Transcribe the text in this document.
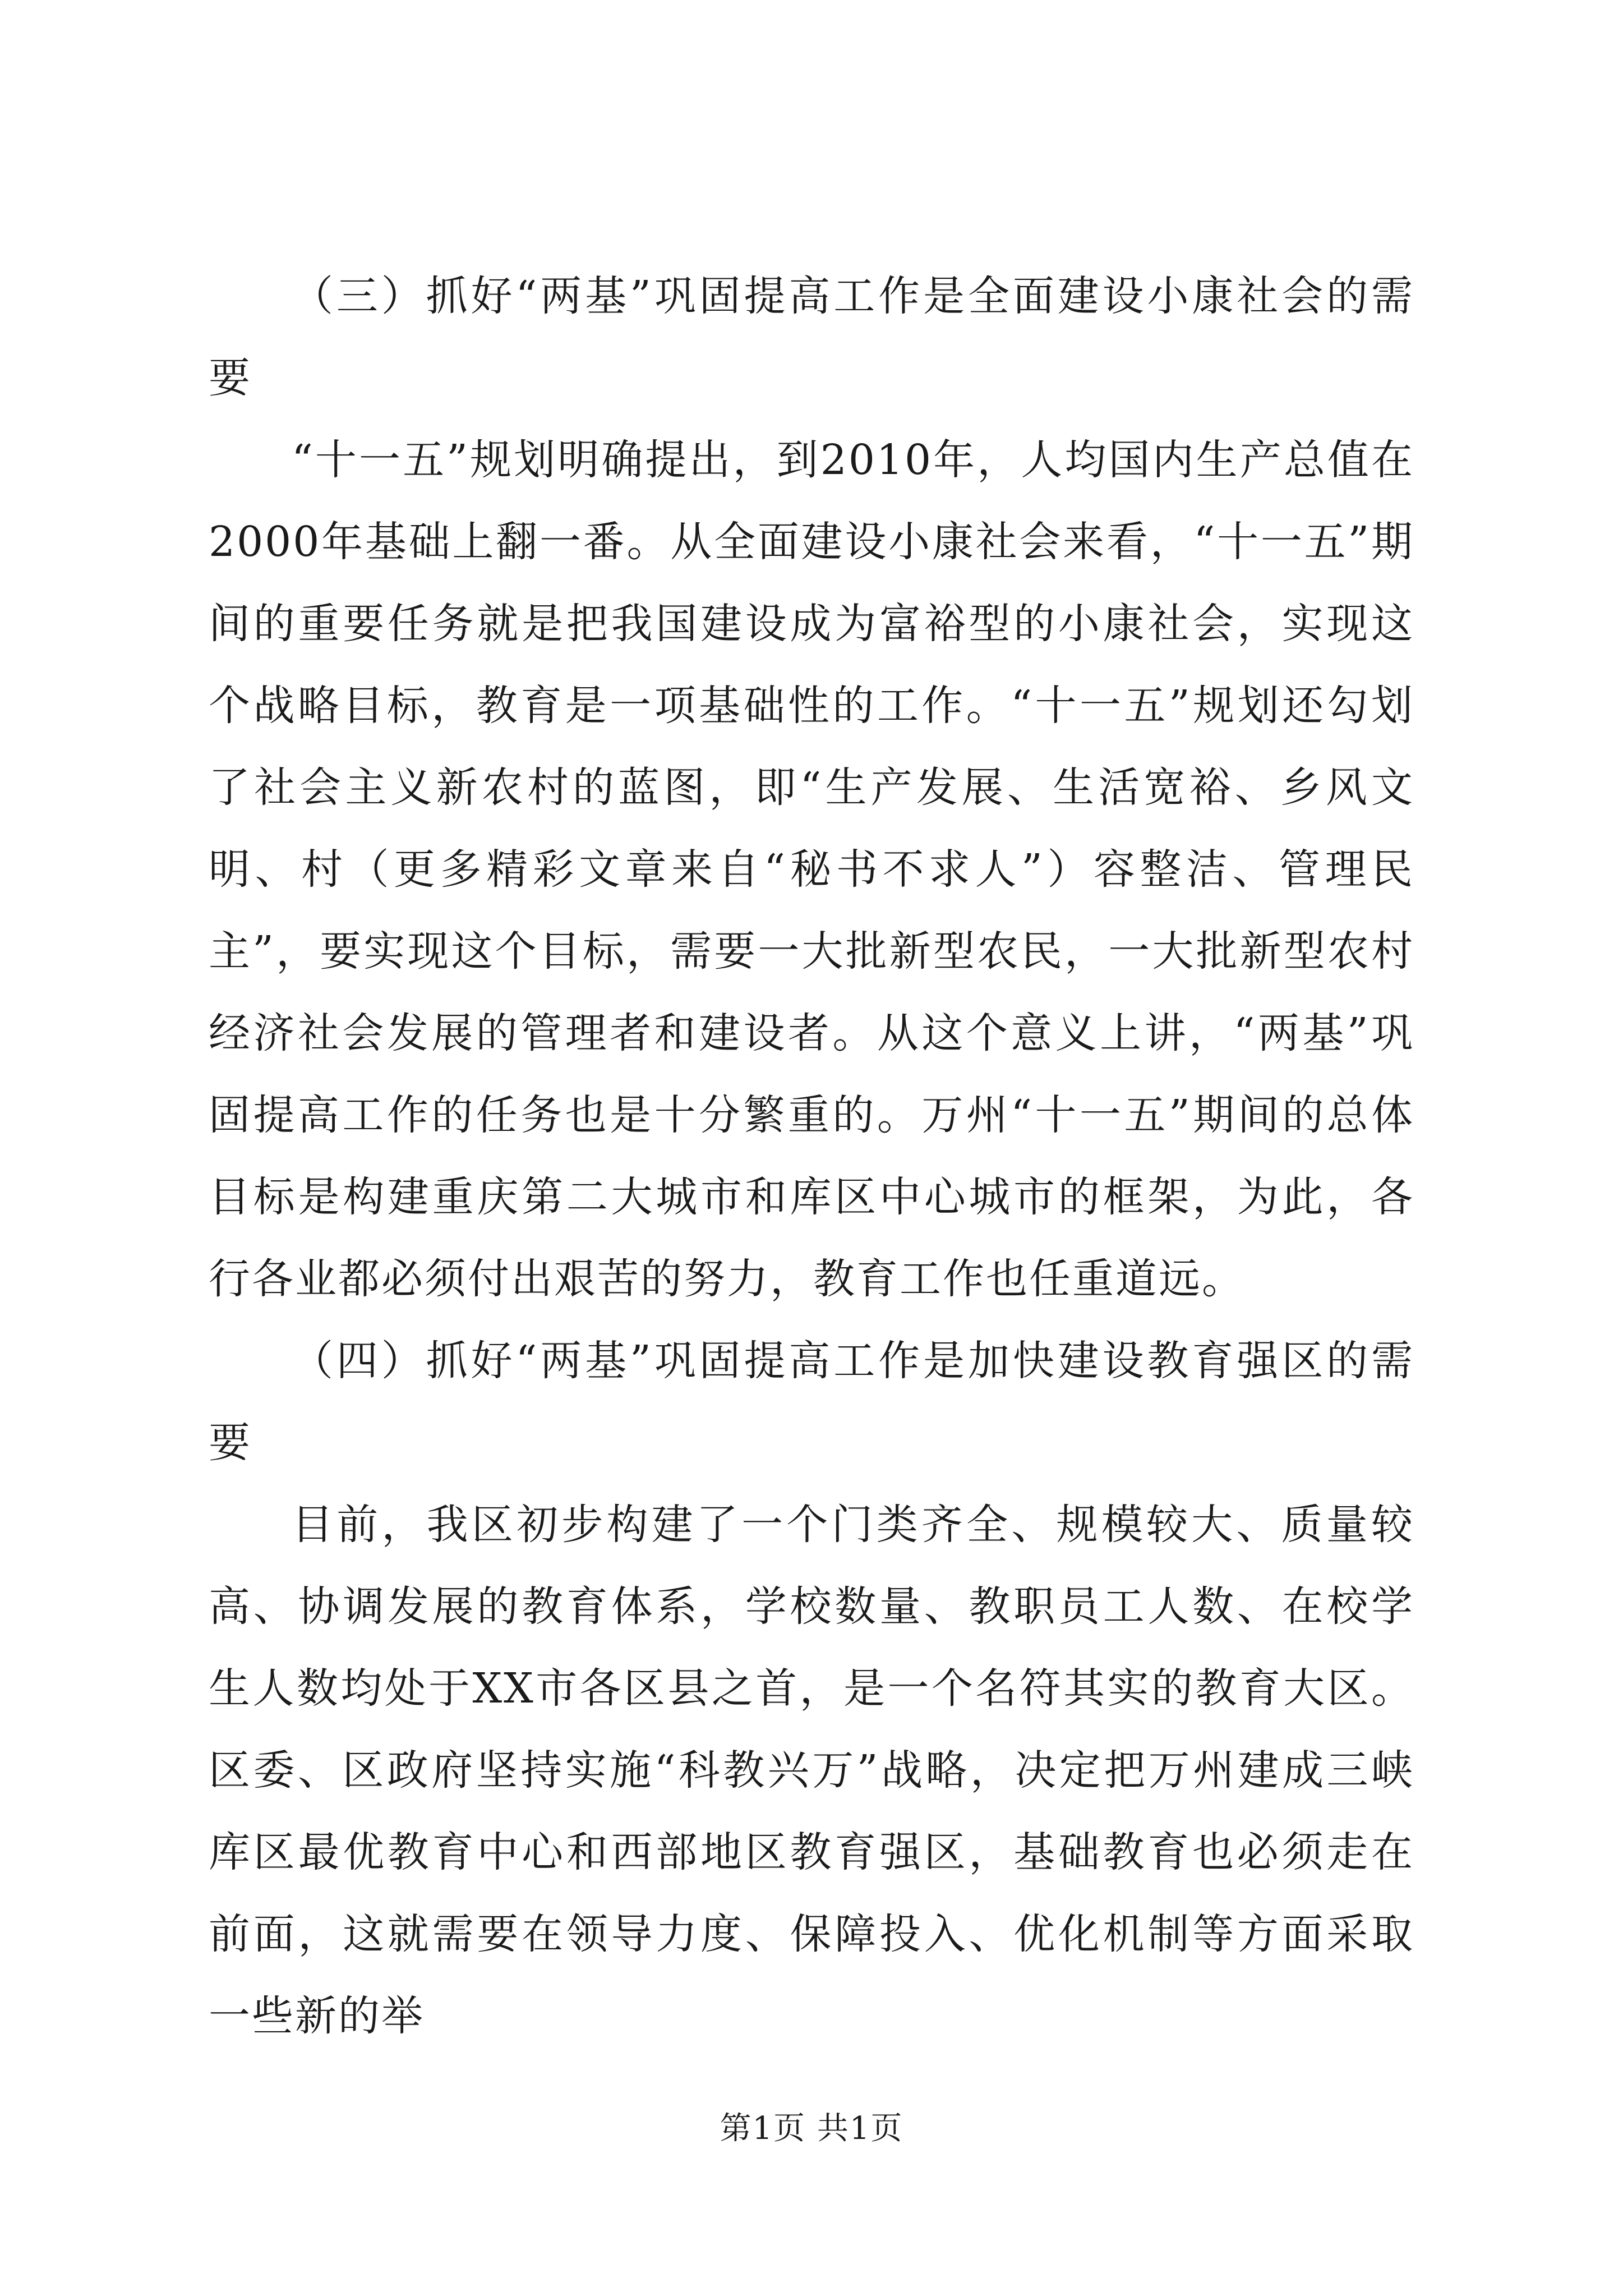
（三）抓好“两基”巩固提高工作是全面建设小康社会的需要

“十一五”规划明确提出，到2010年，人均国内生产总值在2000年基础上翻一番。从全面建设小康社会来看，“十一五”期间的重要任务就是把我国建设成为富裕型的小康社会，实现这个战略目标，教育是一项基础性的工作。“十一五”规划还勾划了社会主义新农村的蓝图，即“生产发展、生活宽裕、乡风文明、村（更多精彩文章来自“秘书不求人”）容整洁、管理民主”，要实现这个目标，需要一大批新型农民，一大批新型农村经济社会发展的管理者和建设者。从这个意义上讲，“两基”巩固提高工作的任务也是十分繁重的。万州“十一五”期间的总体目标是构建重庆第二大城市和库区中心城市的框架，为此，各行各业都必须付出艰苦的努力，教育工作也任重道远。

（四）抓好“两基”巩固提高工作是加快建设教育强区的需要

目前，我区初步构建了一个门类齐全、规模较大、质量较高、协调发展的教育体系，学校数量、教职员工人数、在校学生人数均处于XX市各区县之首，是一个名符其实的教育大区。区委、区政府坚持实施“科教兴万”战略，决定把万州建成三峡库区最优教育中心和西部地区教育强区，基础教育也必须走在前面，这就需要在领导力度、保障投入、优化机制等方面采取一些新的举

第1页 共1页
